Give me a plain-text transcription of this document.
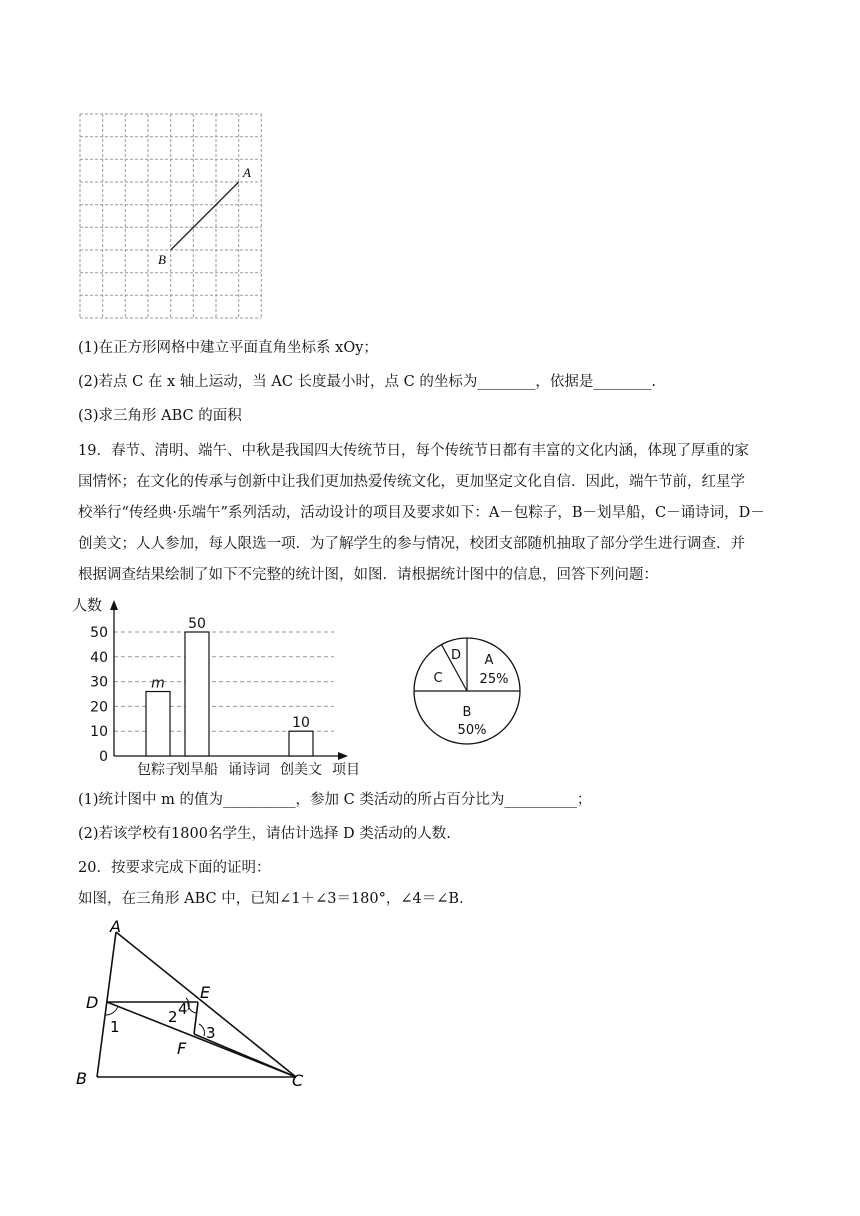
A
B
(1)在正方形网格中建立平面直角坐标系 xOy；
(2)若点 C 在 x 轴上运动，当 AC 长度最小时，点 C 的坐标为________，依据是________.
(3)求三角形 ABC 的面积
19．春节、清明、端午、中秋是我国四大传统节日，每个传统节日都有丰富的文化内涵，体现了厚重的家
国情怀；在文化的传承与创新中让我们更加热爱传统文化，更加坚定文化自信．因此，端午节前，红星学
校举行“传经典·乐端午”系列活动，活动设计的项目及要求如下：A－包粽子，B－划旱船，C－诵诗词，D－
创美文；人人参加，每人限选一项．为了解学生的参与情况，校团支部随机抽取了部分学生进行调查．并
根据调查结果绘制了如下不完整的统计图，如图．请根据统计图中的信息，回答下列问题：
0
10
20
30
40
50
人数
项目
m
包粽子
50
划旱船 诵诗词
10
创美文
A
25%
B
50%
C
D
(1)统计图中 m 的值为__________，参加 C 类活动的所占百分比为__________；
(2)若该学校有1800名学生，请估计选择 D 类活动的人数.
20．按要求完成下面的证明：
如图，在三角形 ABC 中，已知∠1＋∠3＝180°，∠4＝∠B．
A
B	C
D
E
F
1
2
3
4
